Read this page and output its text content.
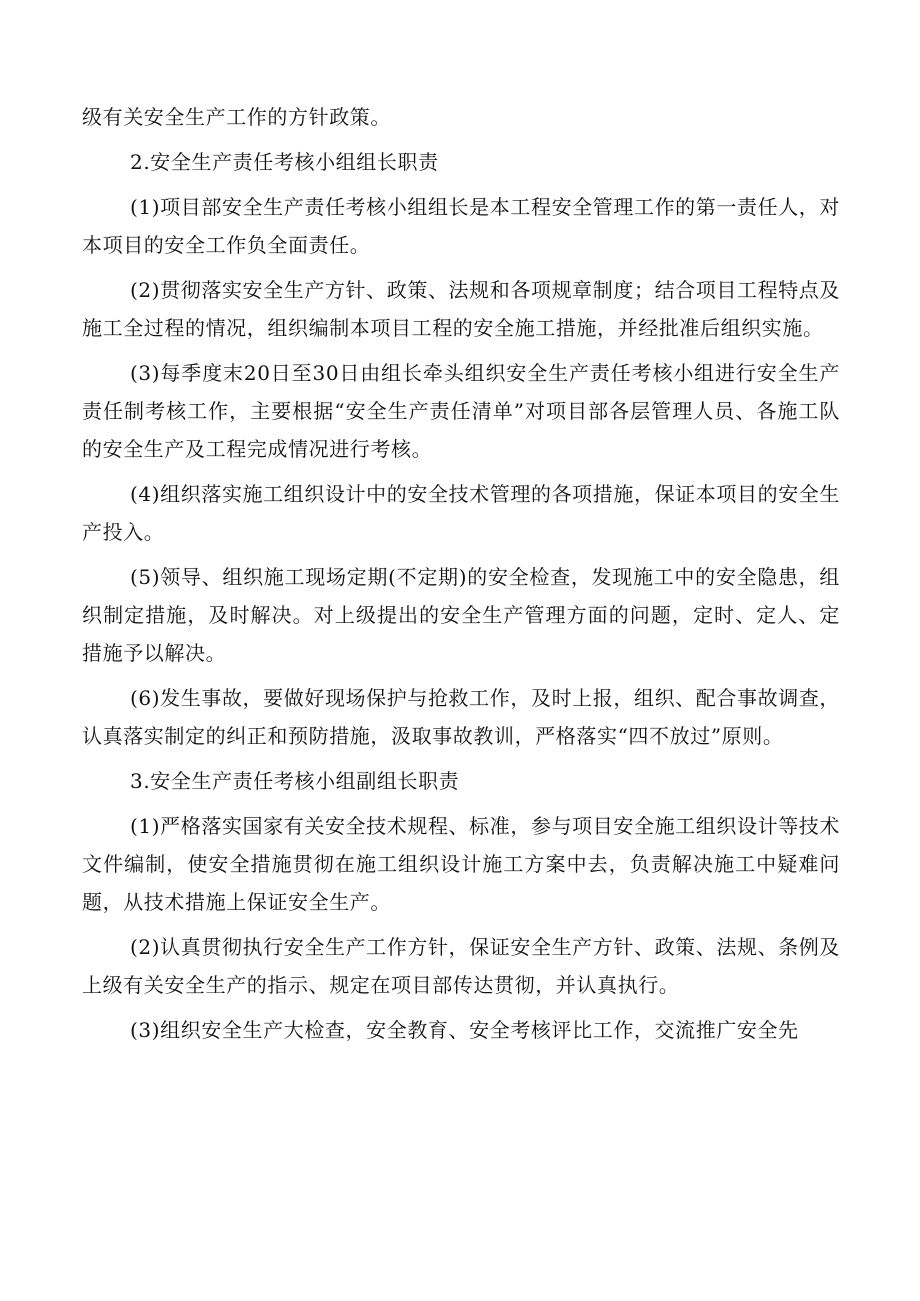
级有关安全生产工作的方针政策。

2.安全生产责任考核小组组长职责

(1)项目部安全生产责任考核小组组长是本工程安全管理工作的第一责任人，对本项目的安全工作负全面责任。

(2)贯彻落实安全生产方针、政策、法规和各项规章制度；结合项目工程特点及施工全过程的情况，组织编制本项目工程的安全施工措施，并经批准后组织实施。

(3)每季度末20日至30日由组长牵头组织安全生产责任考核小组进行安全生产责任制考核工作，主要根据“安全生产责任清单”对项目部各层管理人员、各施工队的安全生产及工程完成情况进行考核。

(4)组织落实施工组织设计中的安全技术管理的各项措施，保证本项目的安全生产投入。

(5)领导、组织施工现场定期(不定期)的安全检查，发现施工中的安全隐患，组织制定措施，及时解决。对上级提出的安全生产管理方面的问题，定时、定人、定措施予以解决。

(6)发生事故，要做好现场保护与抢救工作，及时上报，组织、配合事故调查，认真落实制定的纠正和预防措施，汲取事故教训，严格落实“四不放过”原则。

3.安全生产责任考核小组副组长职责

(1)严格落实国家有关安全技术规程、标准，参与项目安全施工组织设计等技术文件编制，使安全措施贯彻在施工组织设计施工方案中去，负责解决施工中疑难问题，从技术措施上保证安全生产。

(2)认真贯彻执行安全生产工作方针，保证安全生产方针、政策、法规、条例及上级有关安全生产的指示、规定在项目部传达贯彻，并认真执行。

(3)组织安全生产大检查，安全教育、安全考核评比工作，交流推广安全先
